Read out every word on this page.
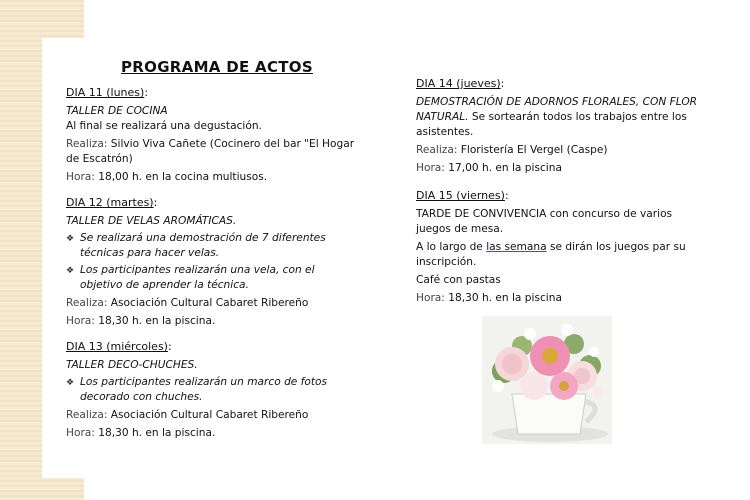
PROGRAMA DE ACTOS
DIA 11 (lunes):

TALLER DE COCINA

Al final se realizará una degustación.

Realiza: Silvio Viva Cañete (Cocinero del bar "El Hogar de Escatrón)

Hora: 18,00 h. en la cocina multiusos.

DIA 12 (martes):

TALLER DE VELAS AROMÁTICAS.

❖ Se realizará una demostración de 7 diferentes técnicas para hacer velas.
❖ Los participantes realizarán una vela, con el objetivo de aprender la técnica.

Realiza: Asociación Cultural Cabaret Ribereño

Hora: 18,30 h. en la piscina.

DIA 13 (miércoles):

TALLER DECO-CHUCHES.

❖ Los participantes realizarán un marco de fotos decorado con chuches.

Realiza: Asociación Cultural Cabaret Ribereño

Hora: 18,30 h. en la piscina.

DIA 14 (jueves):

DEMOSTRACIÓN DE ADORNOS FLORALES, CON FLOR NATURAL. Se sortearán todos los trabajos entre los asistentes.

Realiza: Floristería El Vergel (Caspe)

Hora: 17,00 h. en la piscina

DIA 15 (viernes):

TARDE DE CONVIVENCIA con concurso de varios juegos de mesa.

A lo largo de las semana se dirán los juegos par su inscripción.

Café con pastas

Hora: 18,30 h. en la piscina
